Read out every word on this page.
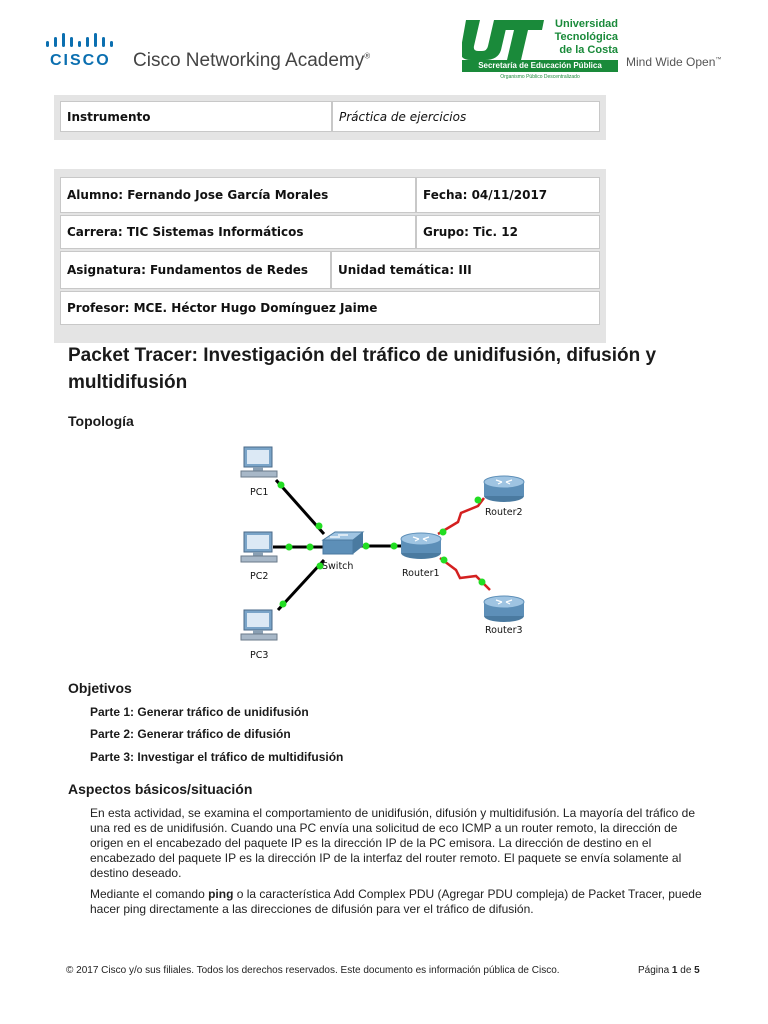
CISCO Cisco Networking Academy®
Universidad
Tecnológica
de la Costa
Secretaría de Educación Pública
Organismo Público Descentralizado
Mind Wide Open™
Instrumento	Práctica de ejercicios
Alumno: Fernando Jose García Morales	Fecha: 04/11/2017
Carrera: TIC Sistemas Informáticos	Grupo: Tic. 12
Asignatura: Fundamentos de Redes	Unidad temática: III
Profesor: MCE. Héctor Hugo Domínguez Jaime
Packet Tracer: Investigación del tráfico de unidifusión, difusión y multidifusión
Topología
PC1
PC2
PC3
Switch
Router1
Router2
Router3
Objetivos
Parte 1: Generar tráfico de unidifusión
Parte 2: Generar tráfico de difusión
Parte 3: Investigar el tráfico de multidifusión
Aspectos básicos/situación
En esta actividad, se examina el comportamiento de unidifusión, difusión y multidifusión. La mayoría del tráfico de una red es de unidifusión. Cuando una PC envía una solicitud de eco ICMP a un router remoto, la dirección de origen en el encabezado del paquete IP es la dirección IP de la PC emisora. La dirección de destino en el encabezado del paquete IP es la dirección IP de la interfaz del router remoto. El paquete se envía solamente al destino deseado.
Mediante el comando ping o la característica Add Complex PDU (Agregar PDU compleja) de Packet Tracer, puede hacer ping directamente a las direcciones de difusión para ver el tráfico de difusión.
© 2017 Cisco y/o sus filiales. Todos los derechos reservados. Este documento es información pública de Cisco.	Página 1 de 5
